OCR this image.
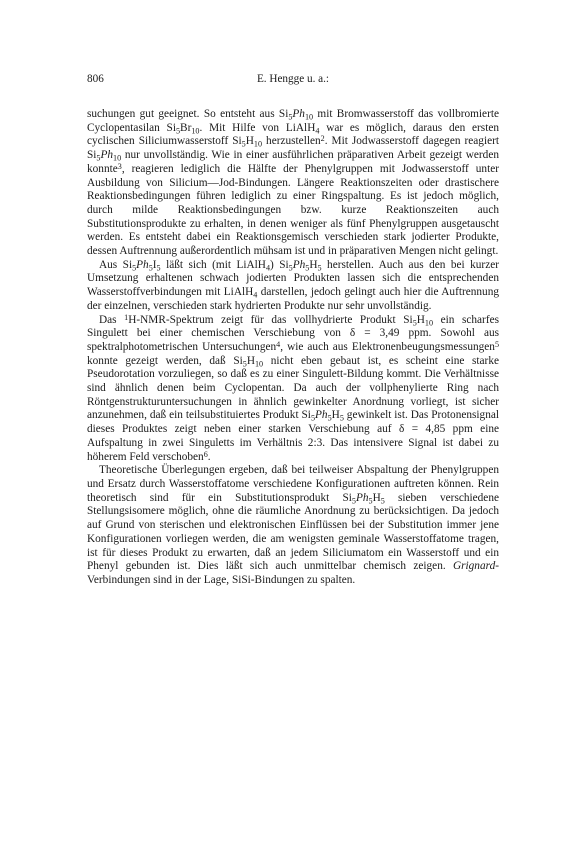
806	E. Hengge u. a.:

suchungen gut geeignet. So entsteht aus $Si_5Ph_{10}$ mit Bromwasserstoff das vollbromierte Cyclopentasilan $Si_5Br_{10}$. Mit Hilfe von LiAlH$_4$ war es möglich, daraus den ersten cyclischen Siliciumwasserstoff $Si_5H_{10}$ herzustellen$^2$. Mit Jodwasserstoff dagegen reagiert $Si_5Ph_{10}$ nur unvollständig. Wie in einer ausführlichen präparativen Arbeit gezeigt werden konnte$^3$, reagieren lediglich die Hälfte der Phenylgruppen mit Jodwasserstoff unter Ausbildung von Silicium—Jod-Bindungen. Längere Reaktionszeiten oder drastischere Reaktionsbedingungen führen lediglich zu einer Ringspaltung. Es ist jedoch möglich, durch milde Reaktionsbedingungen bzw. kurze Reaktionszeiten auch Substitutionsprodukte zu erhalten, in denen weniger als fünf Phenylgruppen ausgetauscht werden. Es entsteht dabei ein Reaktionsgemisch verschieden stark jodierter Produkte, dessen Auftrennung außerordentlich mühsam ist und in präparativen Mengen nicht gelingt.

Aus $Si_5Ph_5I_5$ läßt sich (mit LiAlH$_4$) $Si_5Ph_5H_5$ herstellen. Auch aus den bei kurzer Umsetzung erhaltenen schwach jodierten Produkten lassen sich die entsprechenden Wasserstoffverbindungen mit LiAlH$_4$ darstellen, jedoch gelingt auch hier die Auftrennung der einzelnen, verschieden stark hydrierten Produkte nur sehr unvollständig.

Das $^1$H-NMR-Spektrum zeigt für das vollhydrierte Produkt $Si_5H_{10}$ ein scharfes Singulett bei einer chemischen Verschiebung von δ = 3,49 ppm. Sowohl aus spektralphotometrischen Untersuchungen$^4$, wie auch aus Elektronenbeugungsmessungen$^5$ konnte gezeigt werden, daß $Si_5H_{10}$ nicht eben gebaut ist, es scheint eine starke Pseudorotation vorzuliegen, so daß es zu einer Singulett-Bildung kommt. Die Verhältnisse sind ähnlich denen beim Cyclopentan. Da auch der vollphenylierte Ring nach Röntgenstrukturuntersuchungen in ähnlich gewinkelter Anordnung vorliegt, ist sicher anzunehmen, daß ein teilsubstituiertes Produkt $Si_5Ph_5H_5$ gewinkelt ist. Das Protonensignal dieses Produktes zeigt neben einer starken Verschiebung auf δ = 4,85 ppm eine Aufspaltung in zwei Singuletts im Verhältnis 2:3. Das intensivere Signal ist dabei zu höherem Feld verschoben$^6$.

Theoretische Überlegungen ergeben, daß bei teilweiser Abspaltung der Phenylgruppen und Ersatz durch Wasserstoffatome verschiedene Konfigurationen auftreten können. Rein theoretisch sind für ein Substitutionsprodukt $Si_5Ph_5H_5$ sieben verschiedene Stellungsisomere möglich, ohne die räumliche Anordnung zu berücksichtigen. Da jedoch auf Grund von sterischen und elektronischen Einflüssen bei der Substitution immer jene Konfigurationen vorliegen werden, die am wenigsten geminale Wasserstoffatome tragen, ist für dieses Produkt zu erwarten, daß an jedem Siliciumatom ein Wasserstoff und ein Phenyl gebunden ist. Dies läßt sich auch unmittelbar chemisch zeigen. Grignard-Verbindungen sind in der Lage, SiSi-Bindungen zu spalten.
